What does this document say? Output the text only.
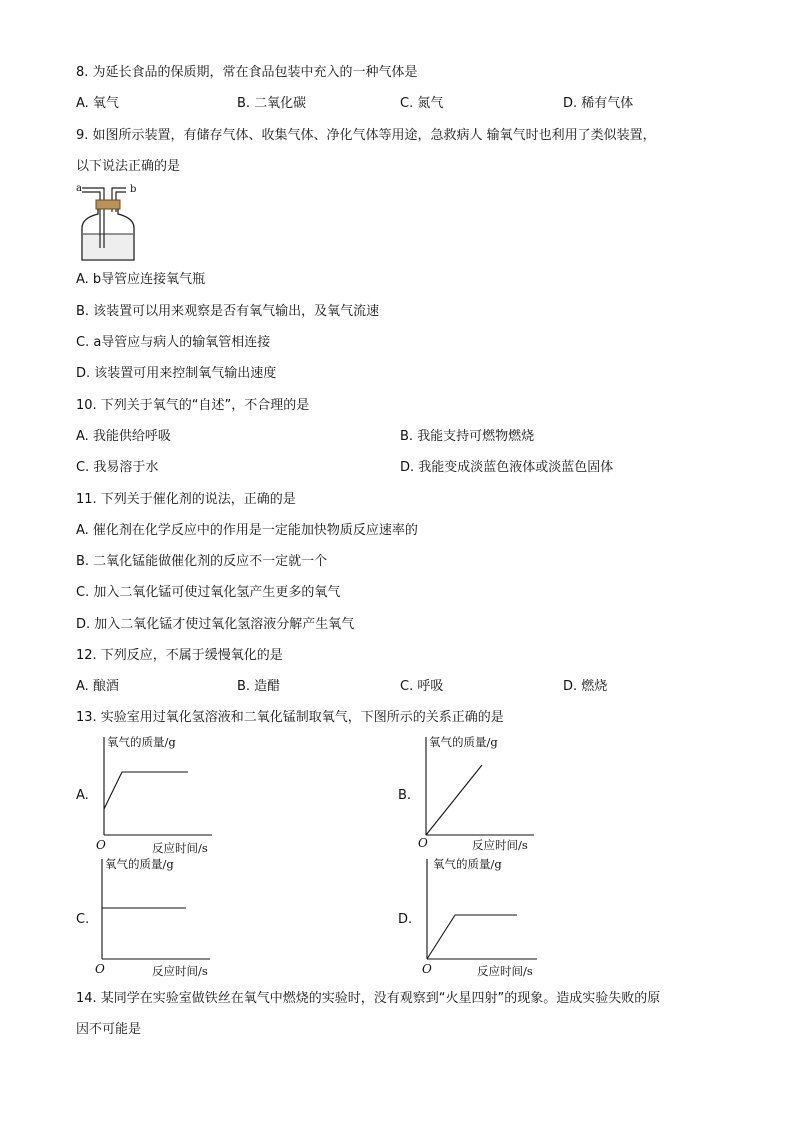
8. 为延长食品的保质期，常在食品包装中充入的一种气体是
A. 氧气	B. 二氧化碳	C. 氮气	D. 稀有气体
9. 如图所示装置，有储存气体、收集气体、净化气体等用途，急救病人 输氧气时也利用了类似装置，
以下说法正确的是
a	b
A. b导管应连接氧气瓶
B. 该装置可以用来观察是否有氧气输出，及氧气流速
C. a导管应与病人的输氧管相连接
D. 该装置可用来控制氧气输出速度
10. 下列关于氧气的“自述”，不合理的是
A. 我能供给呼吸	B. 我能支持可燃物燃烧
C. 我易溶于水	D. 我能变成淡蓝色液体或淡蓝色固体
11. 下列关于催化剂的说法，正确的是
A. 催化剂在化学反应中的作用是一定能加快物质反应速率的
B. 二氧化锰能做催化剂的反应不一定就一个
C. 加入二氧化锰可使过氧化氢产生更多的氧气
D. 加入二氧化锰才使过氧化氢溶液分解产生氧气
12. 下列反应，不属于缓慢氧化的是
A. 酿酒	B. 造醋	C. 呼吸	D. 燃烧
13. 实验室用过氧化氢溶液和二氧化锰制取氧气，下图所示的关系正确的是
A.
氧气的质量/g
反应时间/s
O
B.
氧气的质量/g
反应时间/s
O
C.
氧气的质量/g
反应时间/s
O
D.
氧气的质量/g
反应时间/s
O
14. 某同学在实验室做铁丝在氧气中燃烧的实验时，没有观察到“火星四射”的现象。造成实验失败的原
因不可能是
